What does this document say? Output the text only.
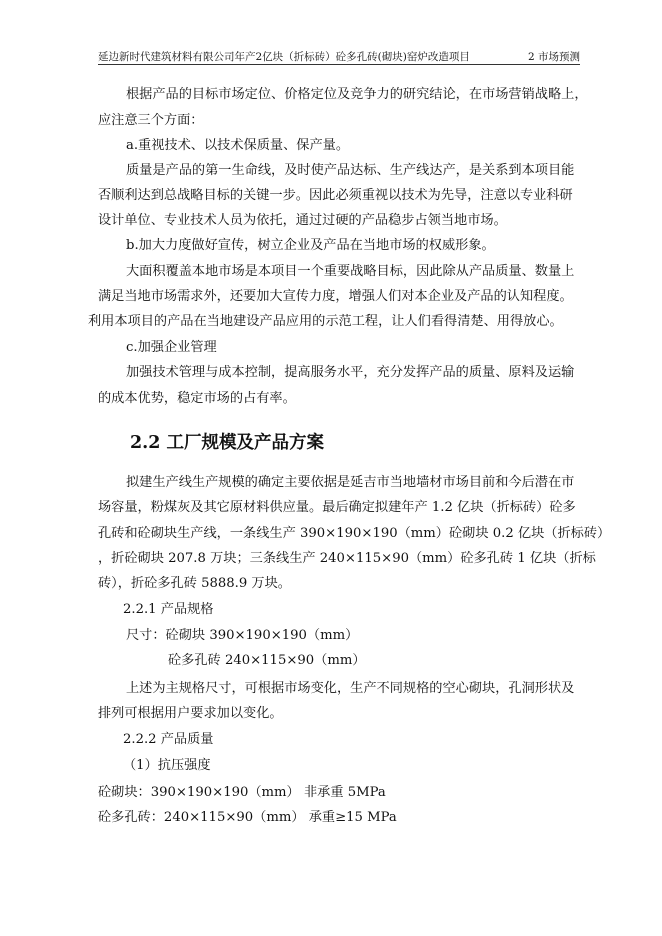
延边新时代建筑材料有限公司年产2亿块（折标砖）砼多孔砖(砌块)窑炉改造项目	2 市场预测
根据产品的目标市场定位、价格定位及竞争力的研究结论，在市场营销战略上，
应注意三个方面：
a.重视技术、以技术保质量、保产量。
质量是产品的第一生命线，及时使产品达标、生产线达产，是关系到本项目能
否顺利达到总战略目标的关键一步。因此必须重视以技术为先导，注意以专业科研
设计单位、专业技术人员为依托，通过过硬的产品稳步占领当地市场。
b.加大力度做好宣传，树立企业及产品在当地市场的权威形象。
大面积覆盖本地市场是本项目一个重要战略目标，因此除从产品质量、数量上
满足当地市场需求外，还要加大宣传力度，增强人们对本企业及产品的认知程度。
利用本项目的产品在当地建设产品应用的示范工程，让人们看得清楚、用得放心。
c.加强企业管理
加强技术管理与成本控制，提高服务水平，充分发挥产品的质量、原料及运输
的成本优势，稳定市场的占有率。
2.2 工厂规模及产品方案
拟建生产线生产规模的确定主要依据是延吉市当地墙材市场目前和今后潜在市
场容量，粉煤灰及其它原材料供应量。最后确定拟建年产 1.2 亿块（折标砖）砼多
孔砖和砼砌块生产线，一条线生产 390×190×190（mm）砼砌块 0.2 亿块（折标砖）
，折砼砌块 207.8 万块；三条线生产 240×115×90（mm）砼多孔砖 1 亿块（折标
砖），折砼多孔砖 5888.9 万块。
2.2.1 产品规格
尺寸：砼砌块 390×190×190（mm）
砼多孔砖 240×115×90（mm）
上述为主规格尺寸，可根据市场变化，生产不同规格的空心砌块，孔洞形状及
排列可根据用户要求加以变化。
2.2.2 产品质量
（1）抗压强度
砼砌块：390×190×190（mm） 非承重 5MPa
砼多孔砖：240×115×90（mm） 承重≥15 MPa
